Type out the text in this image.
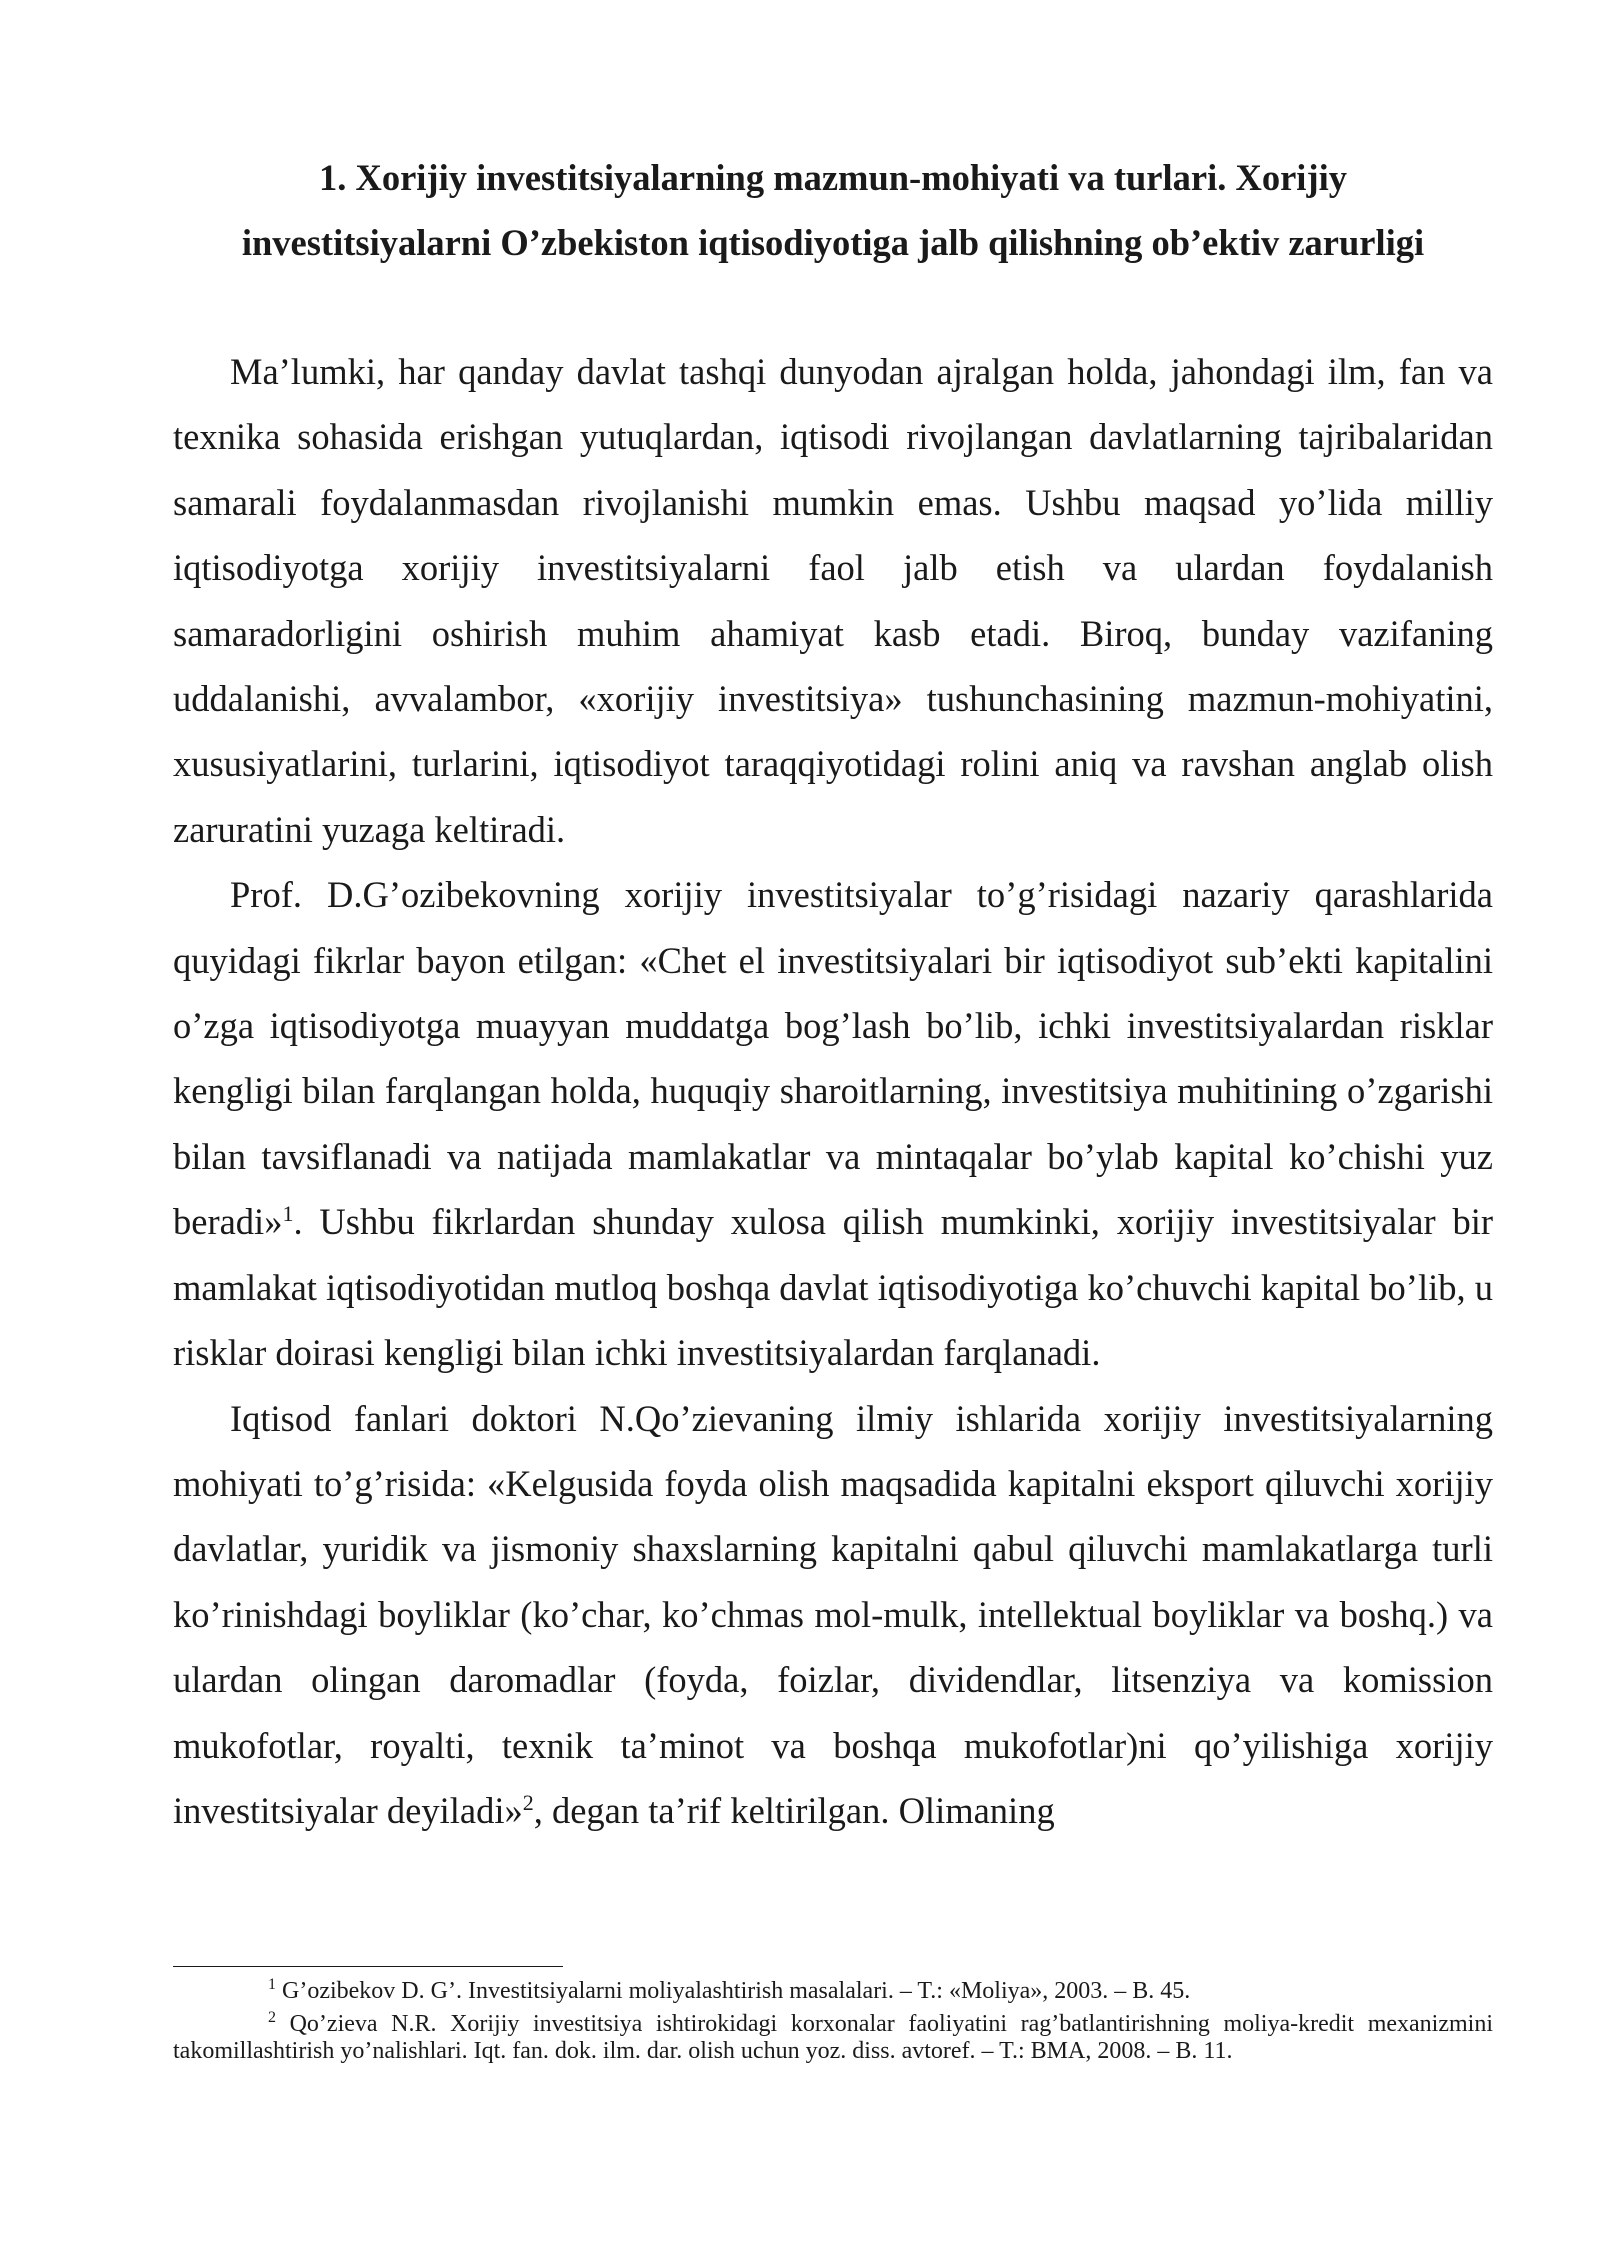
1. Xorijiy investitsiyalarning mazmun-mohiyati va turlari. Xorijiy
investitsiyalarni O’zbekiston iqtisodiyotiga jalb qilishning ob’ektiv zarurligi

Ma’lumki, har qanday davlat tashqi dunyodan ajralgan holda, jahondagi ilm, fan va texnika sohasida erishgan yutuqlardan, iqtisodi rivojlangan davlatlarning tajribalaridan samarali foydalanmasdan rivojlanishi mumkin emas. Ushbu maqsad yo’lida milliy iqtisodiyotga xorijiy investitsiyalarni faol jalb etish va ulardan foydalanish samaradorligini oshirish muhim ahamiyat kasb etadi. Biroq, bunday vazifaning uddalanishi, avvalambor, «xorijiy investitsiya» tushunchasining mazmun-mohiyatini, xususiyatlarini, turlarini, iqtisodiyot taraqqiyotidagi rolini aniq va ravshan anglab olish zaruratini yuzaga keltiradi.

Prof. D.G’ozibekovning xorijiy investitsiyalar to’g’risidagi nazariy qarashlarida quyidagi fikrlar bayon etilgan: «Chet el investitsiyalari bir iqtisodiyot sub’ekti kapitalini o’zga iqtisodiyotga muayyan muddatga bog’lash bo’lib, ichki investitsiyalardan risklar kengligi bilan farqlangan holda, huquqiy sharoitlarning, investitsiya muhitining o’zgarishi bilan tavsiflanadi va natijada mamlakatlar va mintaqalar bo’ylab kapital ko’chishi yuz beradi»$^1$. Ushbu fikrlardan shunday xulosa qilish mumkinki, xorijiy investitsiyalar bir mamlakat iqtisodiyotidan mutloq boshqa davlat iqtisodiyotiga ko’chuvchi kapital bo’lib, u risklar doirasi kengligi bilan ichki investitsiyalardan farqlanadi.

Iqtisod fanlari doktori N.Qo’zievaning ilmiy ishlarida xorijiy investitsiyalarning mohiyati to’g’risida: «Kelgusida foyda olish maqsadida kapitalni eksport qiluvchi xorijiy davlatlar, yuridik va jismoniy shaxslarning kapitalni qabul qiluvchi mamlakatlarga turli ko’rinishdagi boyliklar (ko’char, ko’chmas mol-mulk, intellektual boyliklar va boshq.) va ulardan olingan daromadlar (foyda, foizlar, dividendlar, litsenziya va komission mukofotlar, royalti, texnik ta’minot va boshqa mukofotlar)ni qo’yilishiga xorijiy investitsiyalar deyiladi»$^2$, degan ta’rif keltirilgan. Olimaning

$^1$ G’ozibekov D. G’. Investitsiyalarni moliyalashtirish masalalari. – T.: «Moliya», 2003. – B. 45.

$^2$ Qo’zieva N.R. Xorijiy investitsiya ishtirokidagi korxonalar faoliyatini rag’batlantirishning moliya-kredit mexanizmini takomillashtirish yo’nalishlari. Iqt. fan. dok. ilm. dar. olish uchun yoz. diss. avtoref. – T.: BMA, 2008. – B. 11.
